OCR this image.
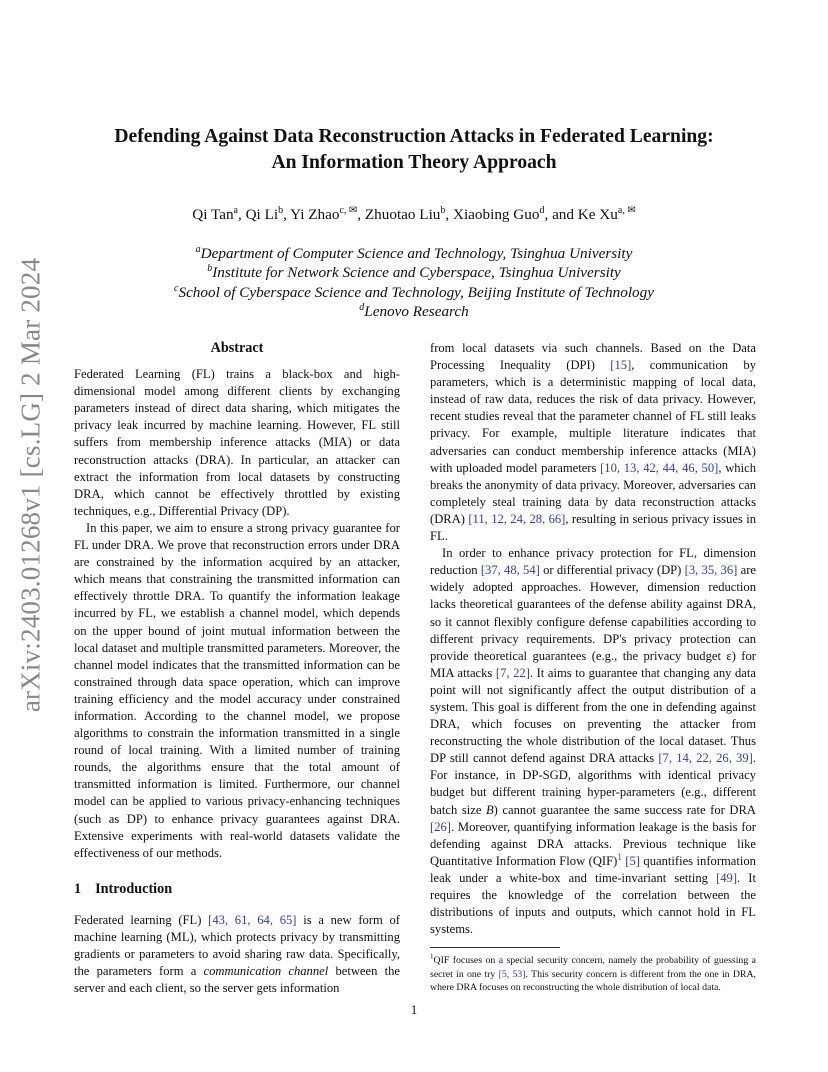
arXiv:2403.01268v1 [cs.LG] 2 Mar 2024
Defending Against Data Reconstruction Attacks in Federated Learning:
An Information Theory Approach
Qi Tan$^a$, Qi Li$^b$, Yi Zhao$^{c, ✉}$, Zhuotao Liu$^b$, Xiaobing Guo$^d$, and Ke $Xu^{a, ✉}$
$^a$Department of Computer Science and Technology, Tsinghua University
$^b$Institute for Network Science and Cyberspace, Tsinghua University
$^c$School of Cyberspace Science and Technology, Beijing Institute of Technology
$^d$Lenovo Research
Abstract

Federated Learning (FL) trains a black-box and high-dimensional model among different clients by exchanging parameters instead of direct data sharing, which mitigates the privacy leak incurred by machine learning. However, FL still suffers from membership inference attacks (MIA) or data reconstruction attacks (DRA). In particular, an attacker can extract the information from local datasets by constructing DRA, which cannot be effectively throttled by existing techniques, e.g., Differential Privacy (DP).

In this paper, we aim to ensure a strong privacy guarantee for FL under DRA. We prove that reconstruction errors under DRA are constrained by the information acquired by an attacker, which means that constraining the transmitted information can effectively throttle DRA. To quantify the information leakage incurred by FL, we establish a channel model, which depends on the upper bound of joint mutual information between the local dataset and multiple transmitted parameters. Moreover, the channel model indicates that the transmitted information can be constrained through data space operation, which can improve training efficiency and the model accuracy under constrained information. According to the channel model, we propose algorithms to constrain the information transmitted in a single round of local training. With a limited number of training rounds, the algorithms ensure that the total amount of transmitted information is limited. Furthermore, our channel model can be applied to various privacy-enhancing techniques (such as DP) to enhance privacy guarantees against DRA. Extensive experiments with real-world datasets validate the effectiveness of our methods.

1 Introduction

Federated learning (FL) [43, 61, 64, 65] is a new form of machine learning (ML), which protects privacy by transmitting gradients or parameters to avoid sharing raw data. Specifically, the parameters form a communication channel between the server and each client, so the server gets information

from local datasets via such channels. Based on the Data Processing Inequality (DPI) [15], communication by parameters, which is a deterministic mapping of local data, instead of raw data, reduces the risk of data privacy. However, recent studies reveal that the parameter channel of FL still leaks privacy. For example, multiple literature indicates that adversaries can conduct membership inference attacks (MIA) with uploaded model parameters [10, 13, 42, 44, 46, 50], which breaks the anonymity of data privacy. Moreover, adversaries can completely steal training data by data reconstruction attacks (DRA) [11, 12, 24, 28, 66], resulting in serious privacy issues in FL.

In order to enhance privacy protection for FL, dimension reduction [37, 48, 54] or differential privacy (DP) [3, 35, 36] are widely adopted approaches. However, dimension reduction lacks theoretical guarantees of the defense ability against DRA, so it cannot flexibly configure defense capabilities according to different privacy requirements. DP's privacy protection can provide theoretical guarantees (e.g., the privacy budget ε) for MIA attacks [7, 22]. It aims to guarantee that changing any data point will not significantly affect the output distribution of a system. This goal is different from the one in defending against DRA, which focuses on preventing the attacker from reconstructing the whole distribution of the local dataset. Thus DP still cannot defend against DRA attacks [7, 14, 22, 26, 39]. For instance, in DP-SGD, algorithms with identical privacy budget but different training hyper-parameters (e.g., different batch size B) cannot guarantee the same success rate for DRA [26]. Moreover, quantifying information leakage is the basis for defending against DRA attacks. Previous technique like Quantitative Information Flow (QIF)$^1$ [5] quantifies information leak under a white-box and time-invariant setting [49]. It requires the knowledge of the correlation between the distributions of inputs and outputs, which cannot hold in FL systems.

$^1$QIF focuses on a special security concern, namely the probability of guessing a secret in one try [5, 53]. This security concern is different from the one in DRA, where DRA focuses on reconstructing the whole distribution of local data.
1
